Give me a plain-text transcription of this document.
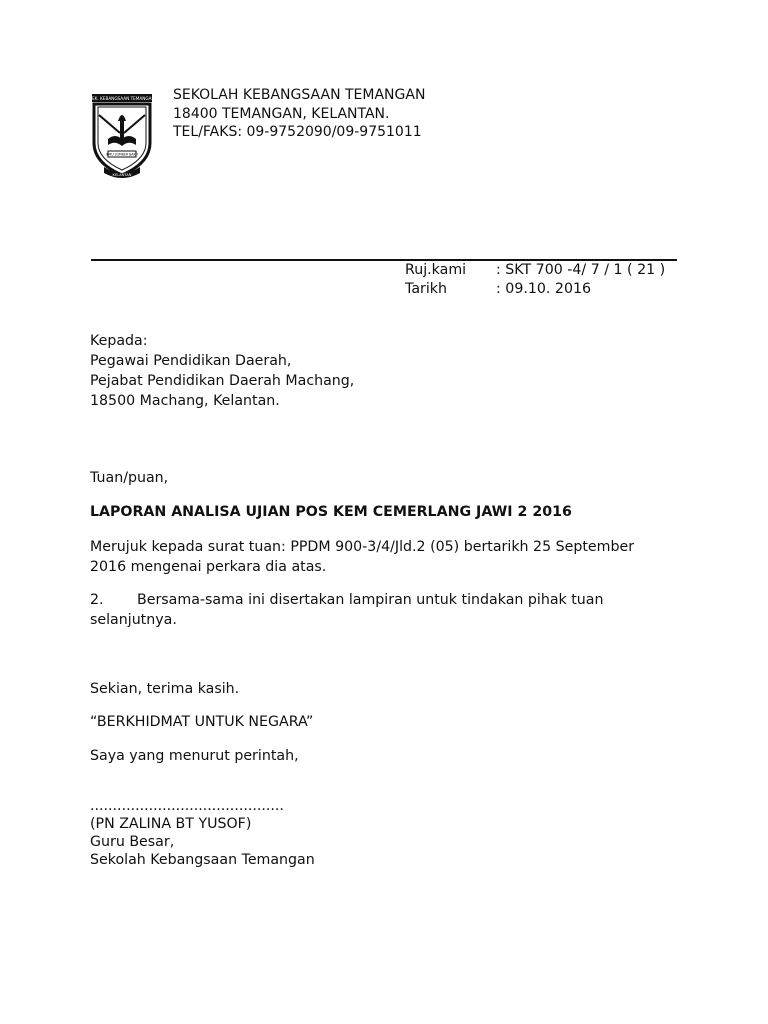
SEK. KEBANGSAAN TEMANGAN
ILMU SUMBER BAKTI
KELANTAN
SEKOLAH KEBANGSAAN TEMANGAN
18400 TEMANGAN, KELANTAN.
TEL/FAKS: 09-9752090/09-9751011
Ruj.kami : SKT 700 -4/ 7 / 1 ( 21 )
Tarikh	: 09.10. 2016
Kepada:
Pegawai Pendidikan Daerah,
Pejabat Pendidikan Daerah Machang,
18500 Machang, Kelantan.
Tuan/puan,
LAPORAN ANALISA UJIAN POS KEM CEMERLANG JAWI 2 2016
Merujuk kepada surat tuan: PPDM 900-3/4/Jld.2 (05) bertarikh 25 September
2016 mengenai perkara dia atas.
2. Bersama-sama ini disertakan lampiran untuk tindakan pihak tuan
selanjutnya.
Sekian, terima kasih.
“BERKHIDMAT UNTUK NEGARA”
Saya yang menurut perintah,
...........................................
(PN ZALINA BT YUSOF)
Guru Besar,
Sekolah Kebangsaan Temangan
